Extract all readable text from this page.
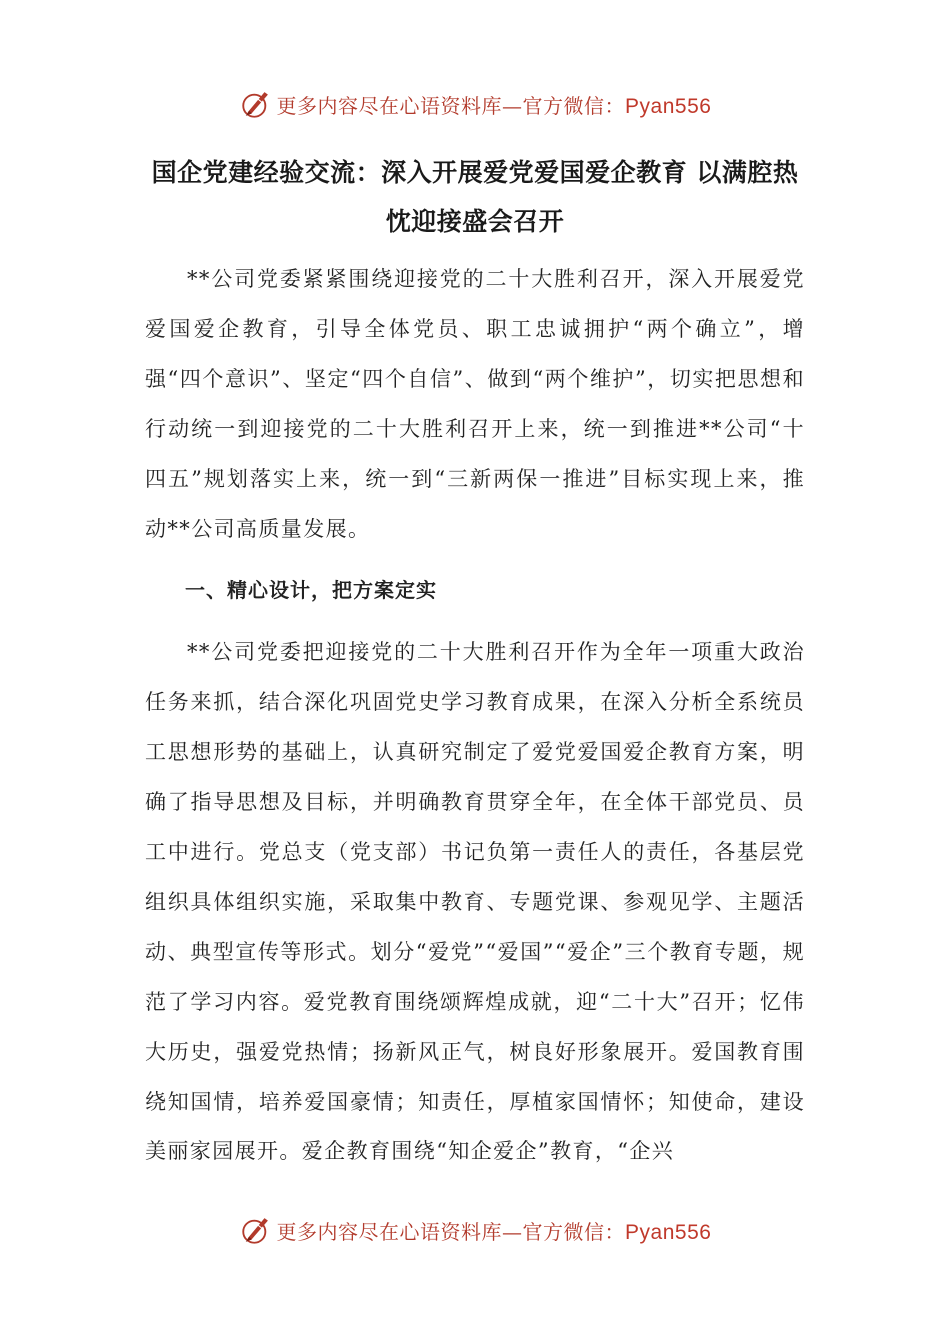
更多内容尽在心语资料库—官方微信：Pyan556
国企党建经验交流：深入开展爱党爱国爱企教育 以满腔热忱迎接盛会召开

**公司党委紧紧围绕迎接党的二十大胜利召开，深入开展爱党爱国爱企教育，引导全体党员、职工忠诚拥护“两个确立”，增强“四个意识”、坚定“四个自信”、做到“两个维护”，切实把思想和行动统一到迎接党的二十大胜利召开上来，统一到推进**公司“十四五”规划落实上来，统一到“三新两保一推进”目标实现上来，推动**公司高质量发展。

一、精心设计，把方案定实

**公司党委把迎接党的二十大胜利召开作为全年一项重大政治任务来抓，结合深化巩固党史学习教育成果，在深入分析全系统员工思想形势的基础上，认真研究制定了爱党爱国爱企教育方案，明确了指导思想及目标，并明确教育贯穿全年，在全体干部党员、员工中进行。党总支（党支部）书记负第一责任人的责任，各基层党组织具体组织实施，采取集中教育、专题党课、参观见学、主题活动、典型宣传等形式。划分“爱党”“爱国”“爱企”三个教育专题，规范了学习内容。爱党教育围绕颂辉煌成就，迎“二十大”召开；忆伟大历史，强爱党热情；扬新风正气，树良好形象展开。爱国教育围绕知国情，培养爱国豪情；知责任，厚植家国情怀；知使命，建设美丽家园展开。爱企教育围绕“知企爱企”教育，“企兴

更多内容尽在心语资料库—官方微信：Pyan556
